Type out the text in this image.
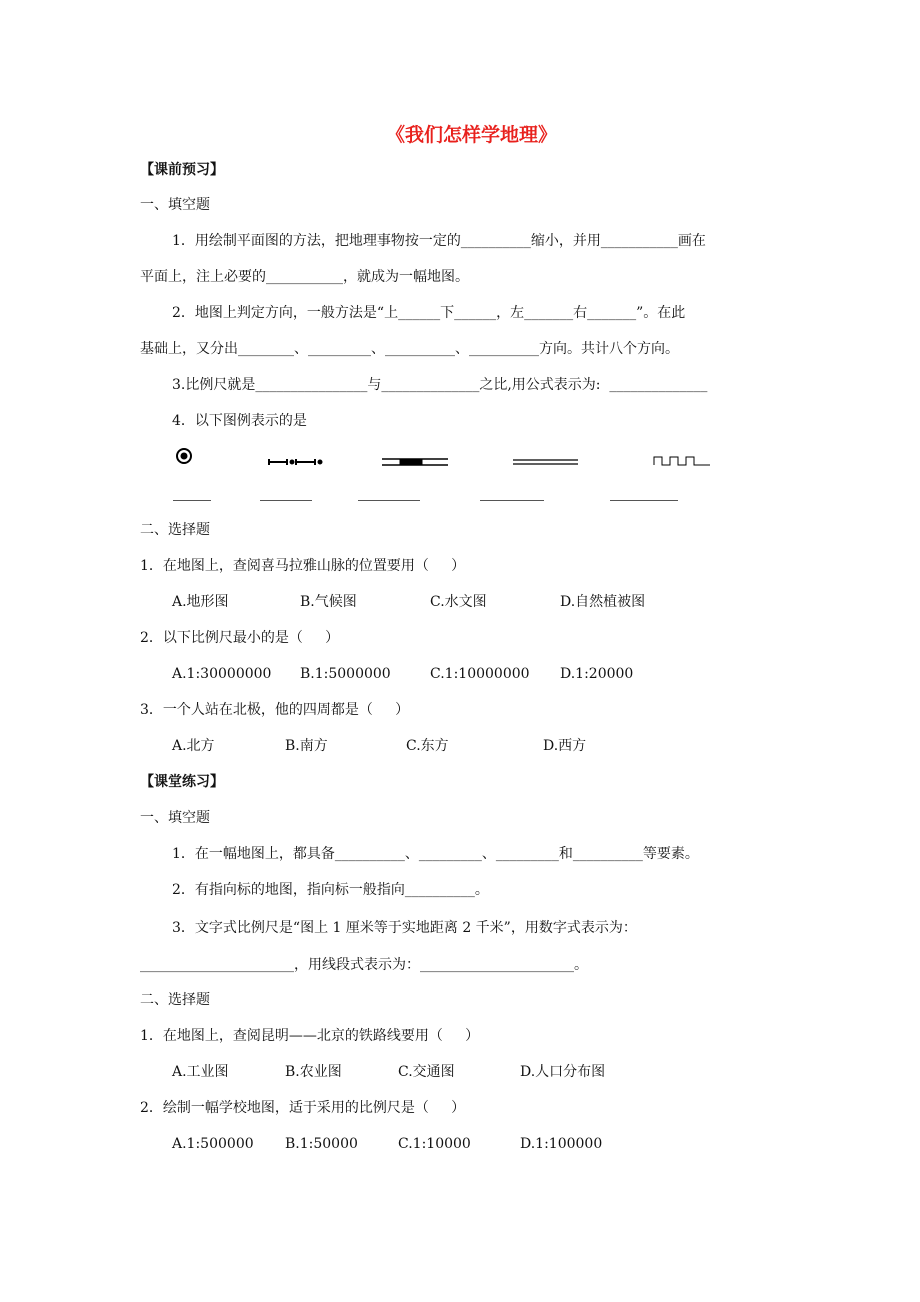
《我们怎样学地理》
【课前预习】
一、填空题
1．用绘制平面图的方法，把地理事物按一定的__________缩小，并用___________画在
平面上，注上必要的___________，就成为一幅地图。
2．地图上判定方向，一般方法是“上______下______，左_______右_______”。在此
基础上，又分出________、_________、__________、__________方向。共计八个方向。
3.比例尺就是________________与______________之比,用公式表示为:  ______________
4．以下图例表示的是
二、选择题
1．在地图上，查阅喜马拉雅山脉的位置要用（     ）
A.地形图	B.气候图	C.水文图	D.自然植被图
2．以下比例尺最小的是（     ）
A.1:30000000 B.1:5000000	C.1:10000000 D.1:20000
3．一个人站在北极，他的四周都是（     ）
A.北方	B.南方	C.东方	D.西方
【课堂练习】
一、填空题
1．在一幅地图上，都具备__________、_________、_________和__________等要素。
2．有指向标的地图，指向标一般指向__________。
3．文字式比例尺是“图上 1 厘米等于实地距离 2 千米”，用数字式表示为：
______________________，用线段式表示为：______________________。
二、选择题
1．在地图上，查阅昆明——北京的铁路线要用（     ）
A.工业图	B.农业图	C.交通图	D.人口分布图
2．绘制一幅学校地图，适于采用的比例尺是（     ）
A.1:500000 B.1:50000	C.1:10000	D.1:100000
